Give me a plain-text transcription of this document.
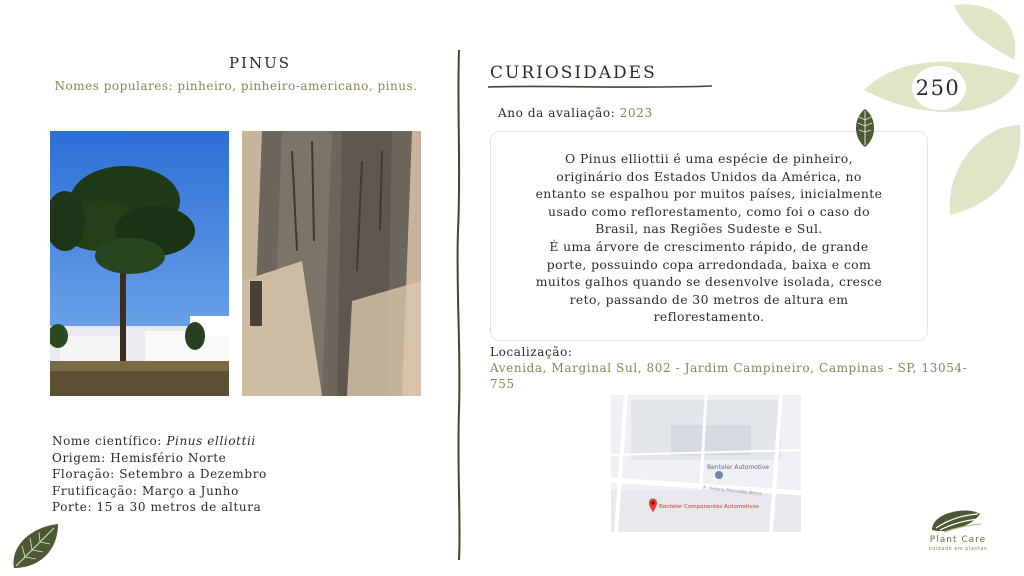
PINUS
Nomes populares: pinheiro, pinheiro-americano, pinus.
Nome científico: Pinus elliottii
Origem: Hemisfério Norte
Floração: Setembro a Dezembro
Frutificação: Março a Junho
Porte: 15 a 30 metros de altura
CURIOSIDADES
Ano da avaliação: 2023
O Pinus elliottii é uma espécie de pinheiro,
originário dos Estados Unidos da América, no
entanto se espalhou por muitos países, inicialmente
usado como reflorestamento, como foi o caso do
Brasil, nas Regiões Sudeste e Sul.
É uma árvore de crescimento rápido, de grande
porte, possuindo copa arredondada, baixa e com
muitos galhos quando se desenvolve isolada, cresce
reto, passando de 30 metros de altura em
reflorestamento.
Localização:
Avenida, Marginal Sul, 802 - Jardim Campineiro, Campinas - SP, 13054-755
Benteler Automotive
Benteler Componentes Automotivos
R. Helena Mercedes Bernz
250
Plant Care
cuidado em plantas
